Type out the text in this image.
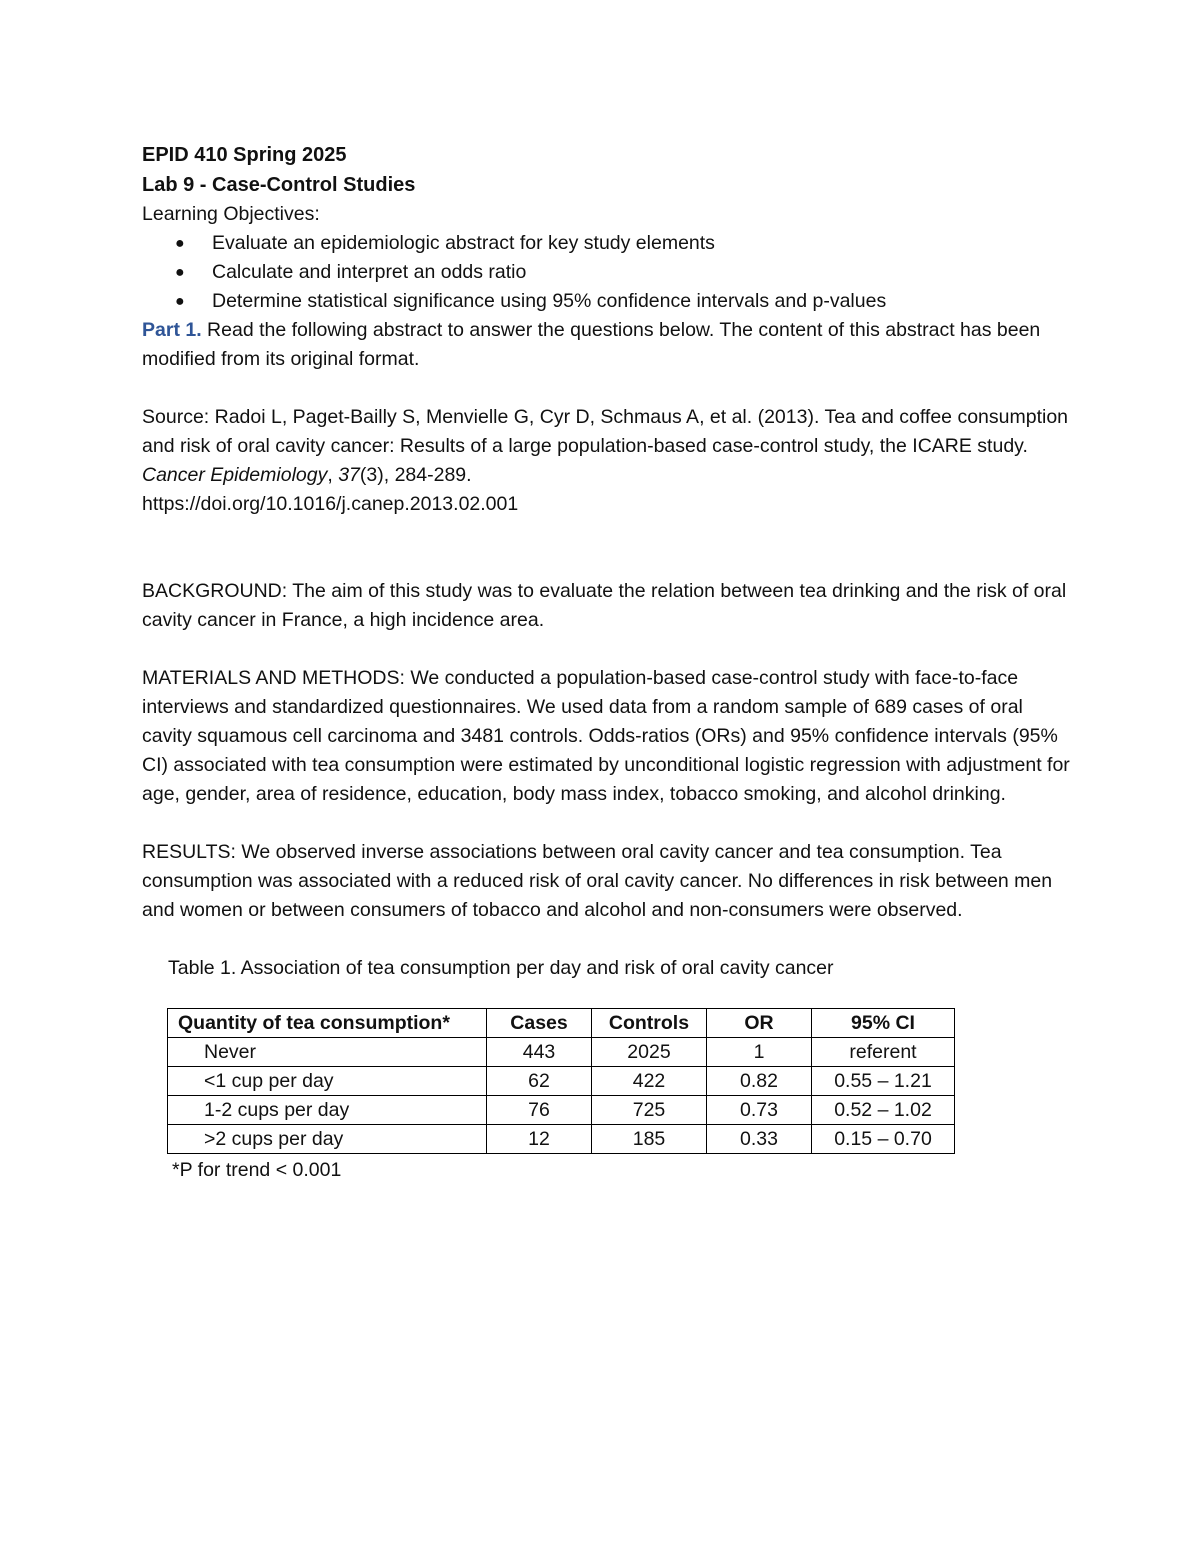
EPID 410 Spring 2025

Lab 9 - Case-Control Studies

Learning Objectives:

● Evaluate an epidemiologic abstract for key study elements
● Calculate and interpret an odds ratio
● Determine statistical significance using 95% confidence intervals and p-values

Part 1. Read the following abstract to answer the questions below. The content of this abstract has been modified from its original format.

Source: Radoi L, Paget-Bailly S, Menvielle G, Cyr D, Schmaus A, et al. (2013). Tea and coffee consumption and risk of oral cavity cancer: Results of a large population-based case-control study, the ICARE study. Cancer Epidemiology, 37(3), 284-289.
https://doi.org/10.1016/j.canep.2013.02.001

BACKGROUND: The aim of this study was to evaluate the relation between tea drinking and the risk of oral cavity cancer in France, a high incidence area.

MATERIALS AND METHODS: We conducted a population-based case-control study with face-to-face interviews and standardized questionnaires. We used data from a random sample of 689 cases of oral cavity squamous cell carcinoma and 3481 controls. Odds-ratios (ORs) and 95% confidence intervals (95% CI) associated with tea consumption were estimated by unconditional logistic regression with adjustment for age, gender, area of residence, education, body mass index, tobacco smoking, and alcohol drinking.

RESULTS: We observed inverse associations between oral cavity cancer and tea consumption. Tea consumption was associated with a reduced risk of oral cavity cancer. No differences in risk between men and women or between consumers of tobacco and alcohol and non-consumers were observed.

Table 1. Association of tea consumption per day and risk of oral cavity cancer

Quantity of tea consumption*	Cases	Controls	OR	95% CI
Never	443	2025	1	referent
<1 cup per day	62	422	0.82	0.55 – 1.21
1-2 cups per day	76	725	0.73	0.52 – 1.02
>2 cups per day	12	185	0.33	0.15 – 0.70

*P for trend < 0.001
